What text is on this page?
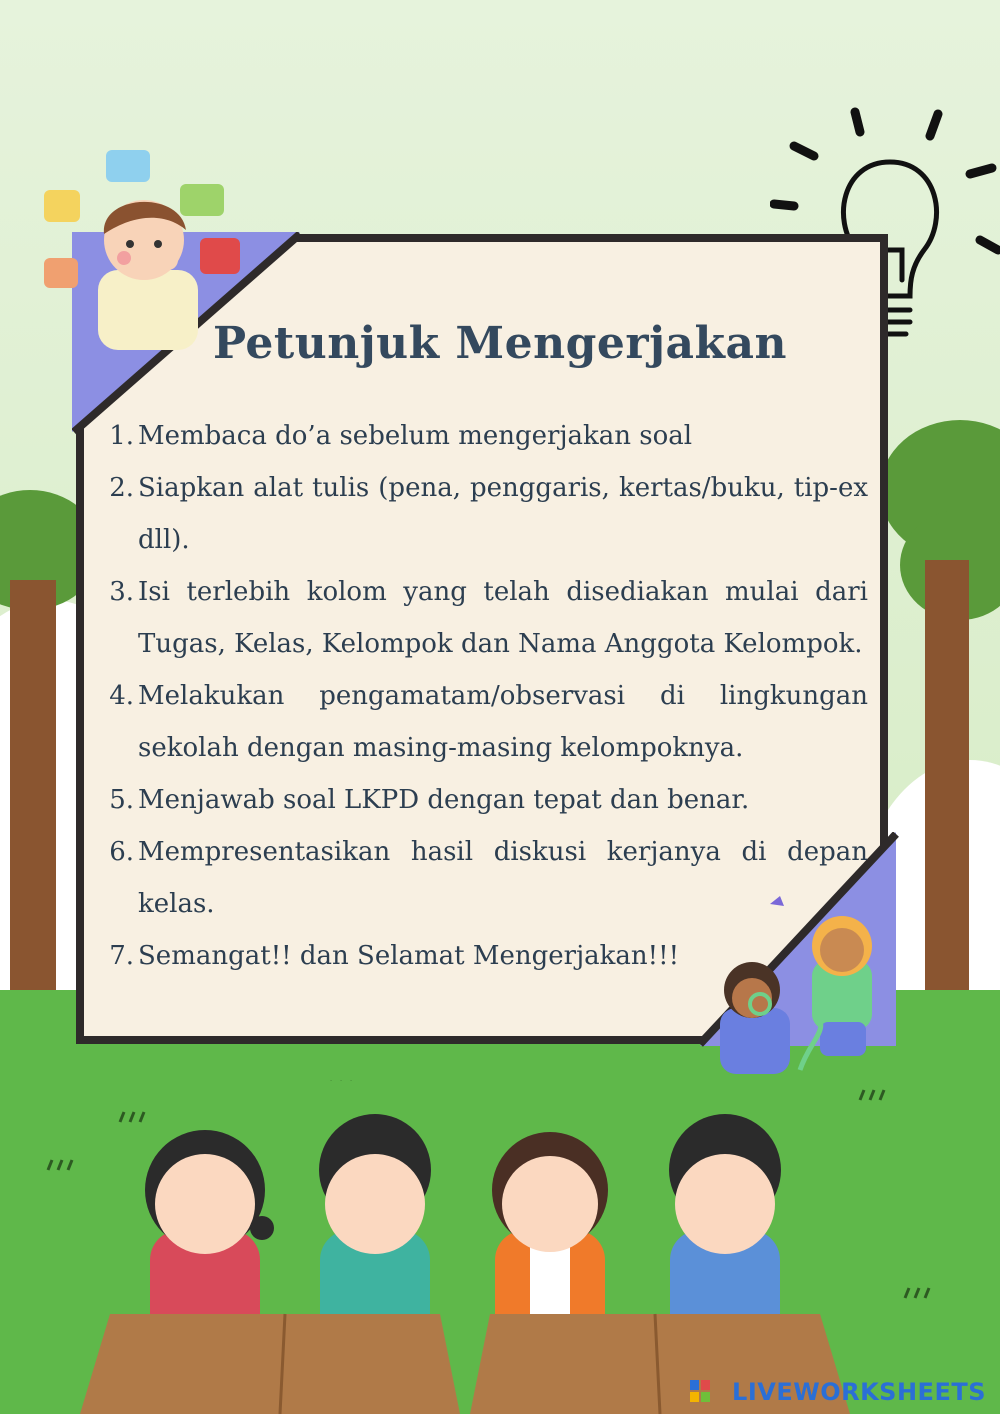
Petunjuk Mengerjakan
1. Membaca do’a sebelum mengerjakan soal
2. Siapkan alat tulis (pena, penggaris, kertas/buku, tip-ex dll).
3. Isi terlebih kolom yang telah disediakan mulai dari Tugas, Kelas, Kelompok dan Nama Anggota Kelompok.
4. Melakukan pengamatam/observasi di lingkungan sekolah dengan masing-masing kelompoknya.
5. Menjawab soal LKPD dengan tepat dan benar.
6. Mempresentasikan hasil diskusi kerjanya di depan kelas.
7. Semangat!! dan Selamat Mengerjakan!!!
LIVEWORKSHEETS
